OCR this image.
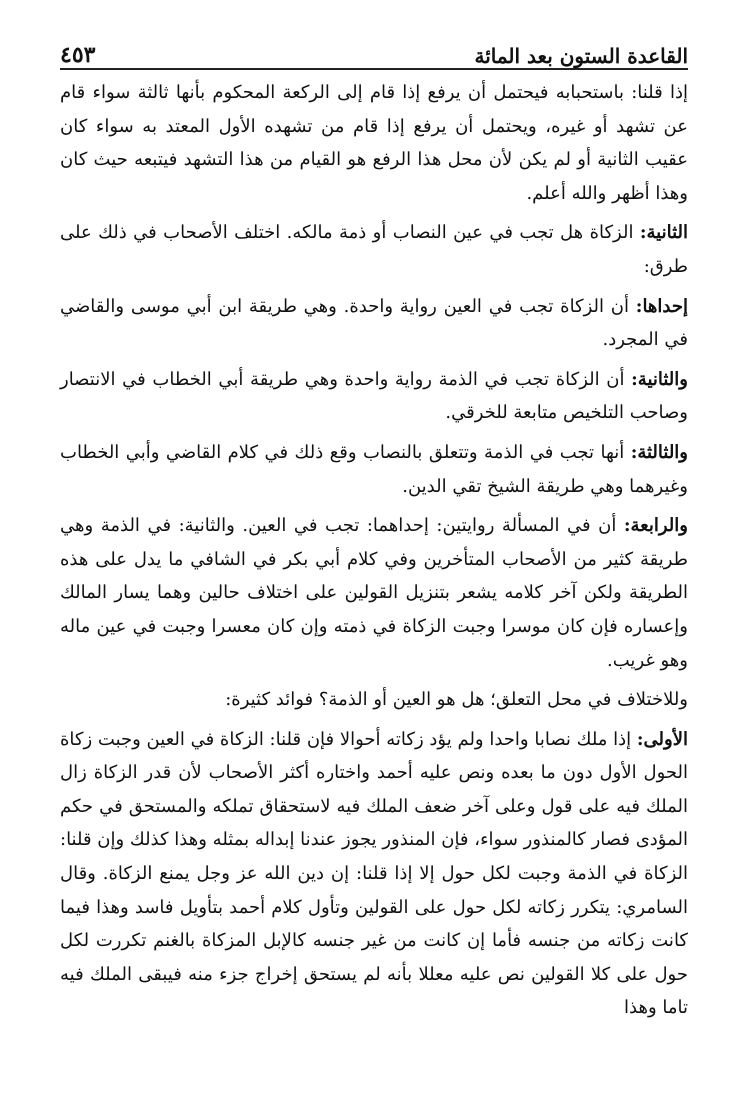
القاعدة الستون بعد المائة
٤٥٣

إذا قلنا: باستحبابه فيحتمل أن يرفع إذا قام إلى الركعة المحكوم بأنها ثالثة سواء قام عن تشهد أو غيره، ويحتمل أن يرفع إذا قام من تشهده الأول المعتد به سواء كان عقيب الثانية أو لم يكن لأن محل هذا الرفع هو القيام من هذا التشهد فيتبعه حيث كان وهذا أظهر والله أعلم.

الثانية: الزكاة هل تجب في عين النصاب أو ذمة مالكه. اختلف الأصحاب في ذلك على طرق:

إحداها: أن الزكاة تجب في العين رواية واحدة. وهي طريقة ابن أبي موسى والقاضي في المجرد.

والثانية: أن الزكاة تجب في الذمة رواية واحدة وهي طريقة أبي الخطاب في الانتصار وصاحب التلخيص متابعة للخرقي.

والثالثة: أنها تجب في الذمة وتتعلق بالنصاب وقع ذلك في كلام القاضي وأبي الخطاب وغيرهما وهي طريقة الشيخ تقي الدين.

والرابعة: أن في المسألة روايتين: إحداهما: تجب في العين. والثانية: في الذمة وهي طريقة كثير من الأصحاب المتأخرين وفي كلام أبي بكر في الشافي ما يدل على هذه الطريقة ولكن آخر كلامه يشعر بتنزيل القولين على اختلاف حالين وهما يسار المالك وإعساره فإن كان موسرا وجبت الزكاة في ذمته وإن كان معسرا وجبت في عين ماله وهو غريب.

وللاختلاف في محل التعلق؛ هل هو العين أو الذمة؟ فوائد كثيرة:

الأولى: إذا ملك نصابا واحدا ولم يؤد زكاته أحوالا فإن قلنا: الزكاة في العين وجبت زكاة الحول الأول دون ما بعده ونص عليه أحمد واختاره أكثر الأصحاب لأن قدر الزكاة زال الملك فيه على قول وعلى آخر ضعف الملك فيه لاستحقاق تملكه والمستحق في حكم المؤدى فصار كالمنذور سواء، فإن المنذور يجوز عندنا إبداله بمثله وهذا كذلك وإن قلنا: الزكاة في الذمة وجبت لكل حول إلا إذا قلنا: إن دين الله عز وجل يمنع الزكاة. وقال السامري: يتكرر زكاته لكل حول على القولين وتأول كلام أحمد بتأويل فاسد وهذا فيما كانت زكاته من جنسه فأما إن كانت من غير جنسه كالإبل المزكاة بالغنم تكررت لكل حول على كلا القولين نص عليه معللا بأنه لم يستحق إخراج جزء منه فيبقى الملك فيه تاما وهذا
